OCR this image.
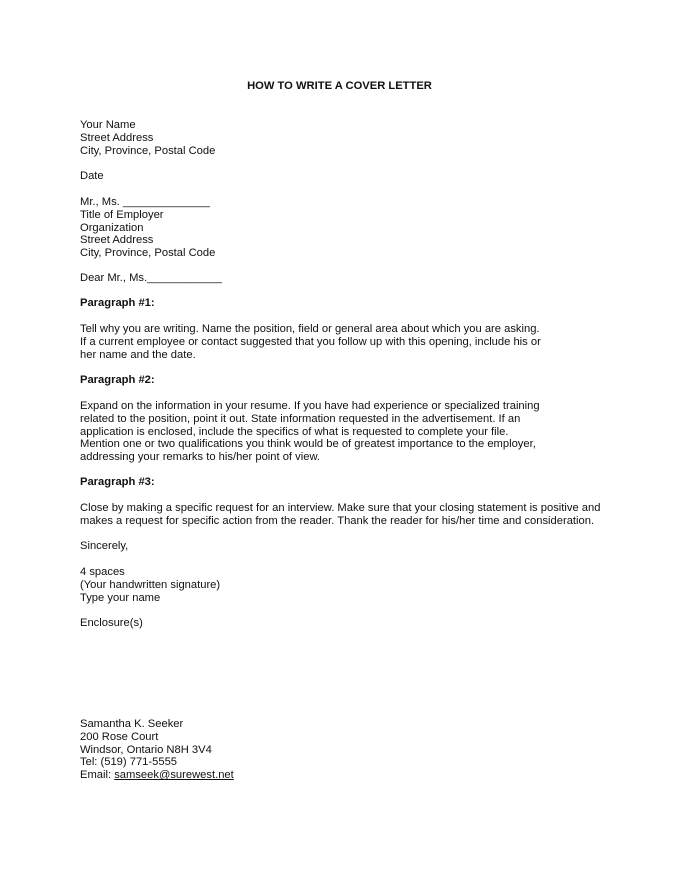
HOW TO WRITE A COVER LETTER
Your Name
Street Address
City, Province, Postal Code
Date
Mr., Ms. ______________
Title of Employer
Organization
Street Address
City, Province, Postal Code
Dear Mr., Ms.____________
Paragraph #1:
Tell why you are writing. Name the position, field or general area about which you are asking.
If a current employee or contact suggested that you follow up with this opening, include his or
her name and the date.
Paragraph #2:
Expand on the information in your resume. If you have had experience or specialized training
related to the position, point it out. State information requested in the advertisement. If an
application is enclosed, include the specifics of what is requested to complete your file.
Mention one or two qualifications you think would be of greatest importance to the employer,
addressing your remarks to his/her point of view.
Paragraph #3:
Close by making a specific request for an interview. Make sure that your closing statement is positive and
makes a request for specific action from the reader. Thank the reader for his/her time and consideration.
Sincerely,
4 spaces
(Your handwritten signature)
Type your name
Enclosure(s)
Samantha K. Seeker
200 Rose Court
Windsor, Ontario N8H 3V4
Tel: (519) 771-5555
Email: samseek@surewest.net
